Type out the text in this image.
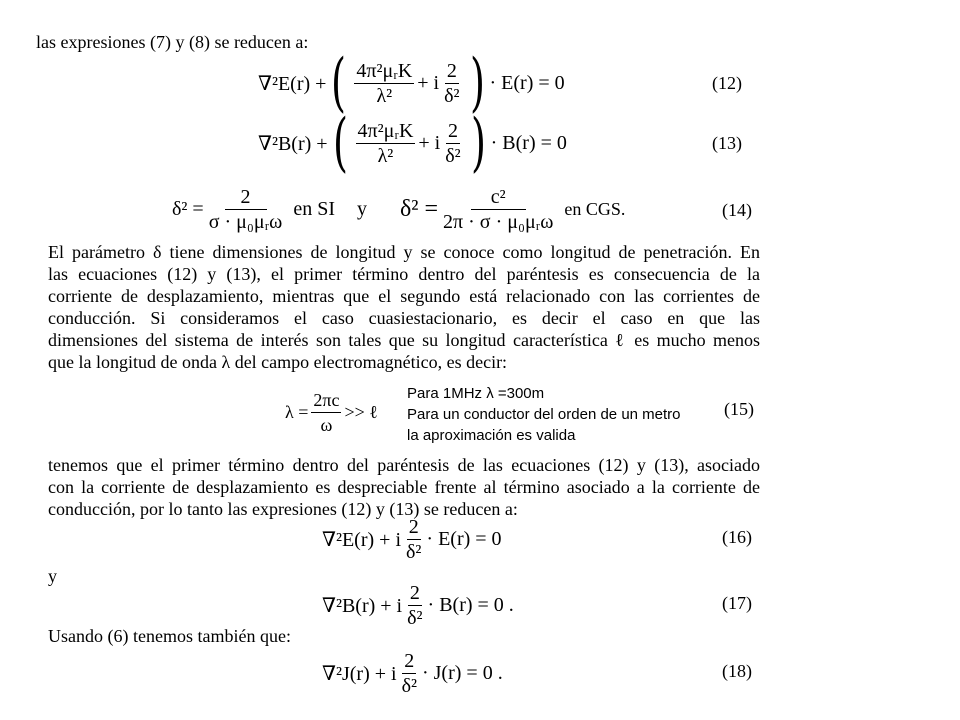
las expresiones (7) y (8) se reducen a:
∇²E(r) + ( $\frac{\text{4π²μᵣK}}{\text{λ²}} + i \frac{2}{\text{δ²}}$ ) · E(r) = 0	(12)
∇²B(r) + ( $\frac{\text{4π²μᵣK}}{\text{λ²}} + i \frac{2}{\text{δ²}}$ ) · B(r) = 0	(13)
$\delta^2 = \frac{2}{\text{σ · μ₀μᵣω}}$ en SI y $\delta^2 = \frac{\text{c²}}{\text{2π · σ · μ₀μᵣω}}$ en CGS.	(14)
El parámetro δ tiene dimensiones de longitud y se conoce como longitud de penetración. En
las ecuaciones (12) y (13), el primer término dentro del paréntesis es consecuencia de la
corriente de desplazamiento, mientras que el segundo está relacionado con las corrientes de
conducción. Si consideramos el caso cuasiestacionario, es decir el caso en que las
dimensiones del sistema de interés son tales que su longitud característica ℓ es mucho menos
que la longitud de onda λ del campo electromagnético, es decir:
$\lambda = \frac{2\pi c}{\omega}$ >> ℓ	(15)
Para 1MHz λ =300m
Para un conductor del orden de un metro
la aproximación es valida
tenemos que el primer término dentro del paréntesis de las ecuaciones (12) y (13), asociado
con la corriente de desplazamiento es despreciable frente al término asociado a la corriente de
conducción, por lo tanto las expresiones (12) y (13) se reducen a:
∇²E(r) + i $\frac{2}{\text{δ²}} \cdot E(r) = 0$	(16)
y
∇²B(r) + i $\frac{2}{\text{δ²}} \cdot B(r) = 0$ .	(17)
Usando (6) tenemos también que:
∇²J(r) + i $\frac{2}{\text{δ²}} \cdot J(r) = 0$ .	(18)
